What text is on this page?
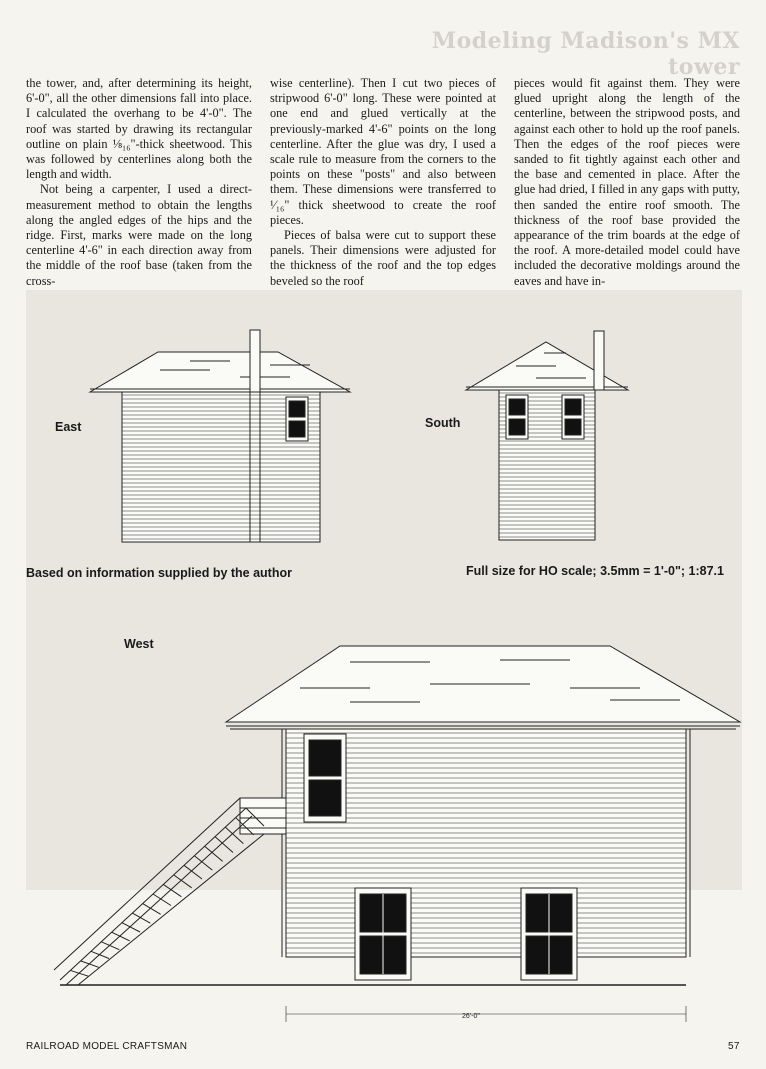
Modeling Madison's MX tower

the tower, and, after determining its height, 6'-0", all the other dimensions fall into place. I calculated the overhang to be 4'-0". The roof was started by drawing its rectangular outline on plain ⅛₁₆"-thick sheetwood. This was followed by centerlines along both the length and width.

Not being a carpenter, I used a direct-measurement method to obtain the lengths along the angled edges of the hips and the ridge. First, marks were made on the long centerline 4'-6" in each direction away from the middle of the roof base (taken from the cross-

wise centerline). Then I cut two pieces of stripwood 6'-0" long. These were pointed at one end and glued vertically at the previously-marked 4'-6" points on the long centerline. After the glue was dry, I used a scale rule to measure from the corners to the points on these "posts" and also between them. These dimensions were transferred to ¹⁄₁₆" thick sheetwood to create the roof pieces.

Pieces of balsa were cut to support these panels. Their dimensions were adjusted for the thickness of the roof and the top edges beveled so the roof

pieces would fit against them. They were glued upright along the length of the centerline, between the stripwood posts, and against each other to hold up the roof panels. Then the edges of the roof pieces were sanded to fit tightly against each other and the base and cemented in place. After the glue had dried, I filled in any gaps with putty, then sanded the entire roof smooth. The thickness of the roof base provided the appearance of the trim boards at the edge of the roof. A more-detailed model could have included the decorative moldings around the eaves and have in-

East	South
Based on information supplied by the author	Full size for HO scale; 3.5mm = 1'-0"; 1:87.1
West
26'-0"
RAILROAD MODEL CRAFTSMAN	57
